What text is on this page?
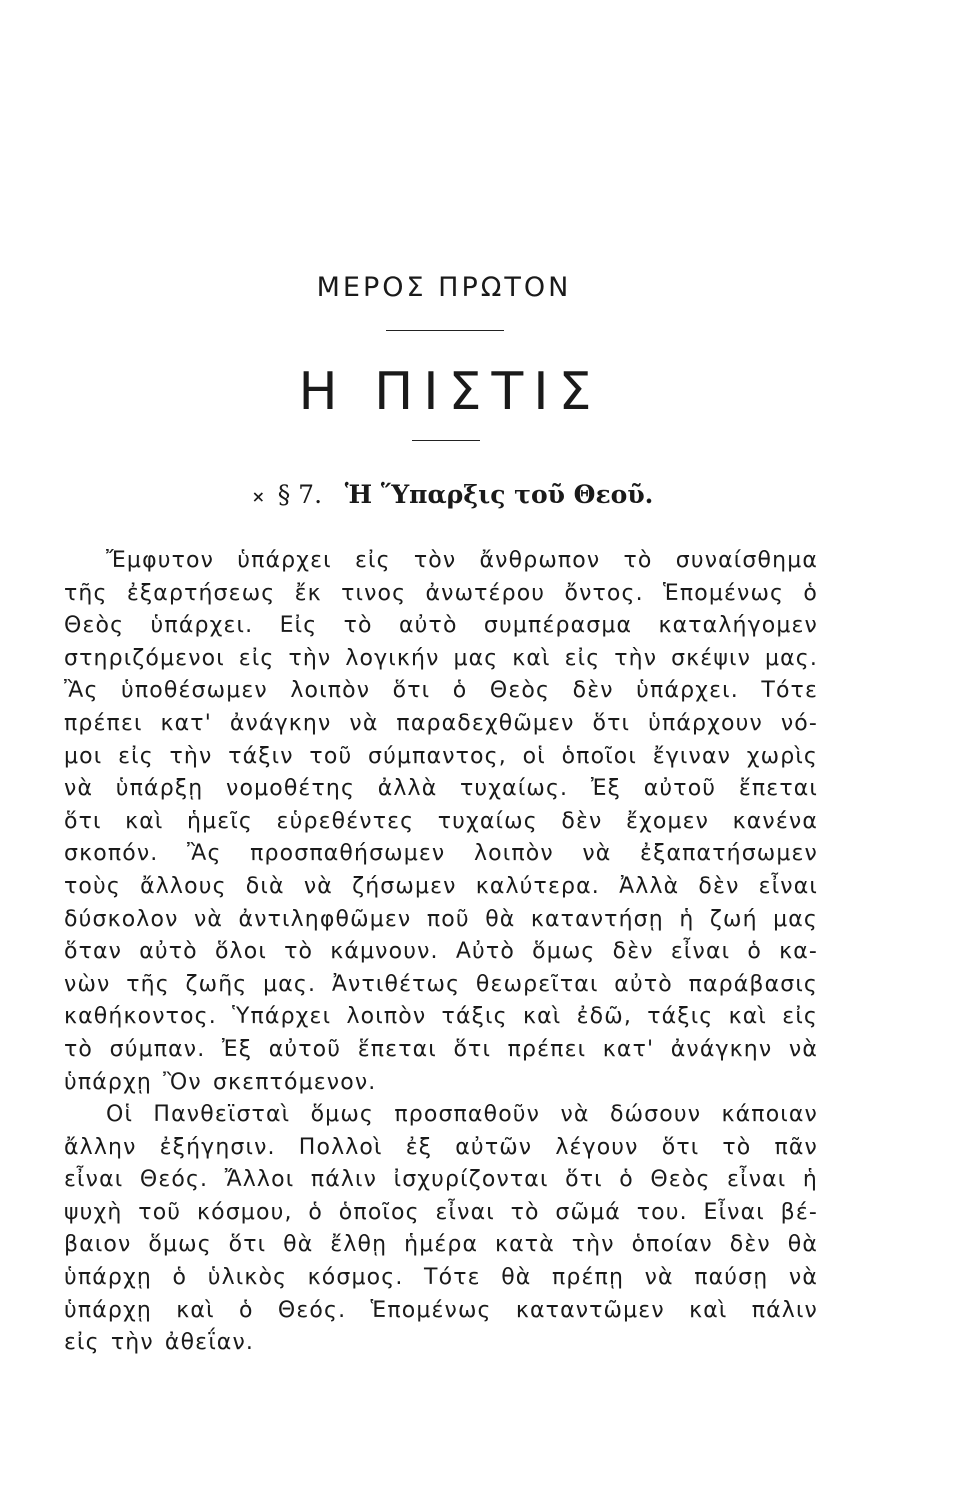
ΜΕΡΟΣ ΠΡΩΤΟΝ
Η ΠΙΣΤΙΣ
× § 7. Ἡ Ὕπαρξις τοῦ Θεοῦ.

Ἔμφυτον ὑπάρχει εἰς τὸν ἄνθρωπον τὸ συναίσθημα
τῆς ἐξαρτήσεως ἔκ τινος ἀνωτέρου ὄντος. Ἑπομένως ὁ
Θεὸς ὑπάρχει. Εἰς τὸ αὐτὸ συμπέρασμα καταλήγομεν
στηριζόμενοι εἰς τὴν λογικήν μας καὶ εἰς τὴν σκέψιν μας.
Ἂς ὑποθέσωμεν λοιπὸν ὅτι ὁ Θεὸς δὲν ὑπάρχει. Τότε
πρέπει κατ' ἀνάγκην νὰ παραδεχθῶμεν ὅτι ὑπάρχουν νό-
μοι εἰς τὴν τάξιν τοῦ σύμπαντος, οἱ ὁποῖοι ἔγιναν χωρὶς
νὰ ὑπάρξῃ νομοθέτης ἀλλὰ τυχαίως. Ἐξ αὐτοῦ ἕπεται
ὅτι καὶ ἡμεῖς εὑρεθέντες τυχαίως δὲν ἔχομεν κανένα
σκοπόν. Ἂς προσπαθήσωμεν λοιπὸν νὰ ἐξαπατήσωμεν
τοὺς ἄλλους διὰ νὰ ζήσωμεν καλύτερα. Ἀλλὰ δὲν εἶναι
δύσκολον νὰ ἀντιληφθῶμεν ποῦ θὰ καταντήσῃ ἡ ζωή μας
ὅταν αὐτὸ ὅλοι τὸ κάμνουν. Αὐτὸ ὅμως δὲν εἶναι ὁ κα-
νὼν τῆς ζωῆς μας. Ἀντιθέτως θεωρεῖται αὐτὸ παράβασις
καθήκοντος. Ὑπάρχει λοιπὸν τάξις καὶ ἐδῶ, τάξις καὶ εἰς
τὸ σύμπαν. Ἐξ αὐτοῦ ἕπεται ὅτι πρέπει κατ' ἀνάγκην νὰ
ὑπάρχῃ Ὂν σκεπτόμενον.
Οἱ Πανθεϊσταὶ ὅμως προσπαθοῦν νὰ δώσουν κάποιαν
ἄλλην ἐξήγησιν. Πολλοὶ ἐξ αὐτῶν λέγουν ὅτι τὸ πᾶν
εἶναι Θεός. Ἄλλοι πάλιν ἰσχυρίζονται ὅτι ὁ Θεὸς εἶναι ἡ
ψυχὴ τοῦ κόσμου, ὁ ὁποῖος εἶναι τὸ σῶμά του. Εἶναι βέ-
βαιον ὅμως ὅτι θὰ ἔλθῃ ἡμέρα κατὰ τὴν ὁποίαν δὲν θὰ
ὑπάρχῃ ὁ ὑλικὸς κόσμος. Τότε θὰ πρέπῃ νὰ παύσῃ νὰ
ὑπάρχῃ καὶ ὁ Θεός. Ἑπομένως καταντῶμεν καὶ πάλιν
εἰς τὴν ἀθεΐαν.
